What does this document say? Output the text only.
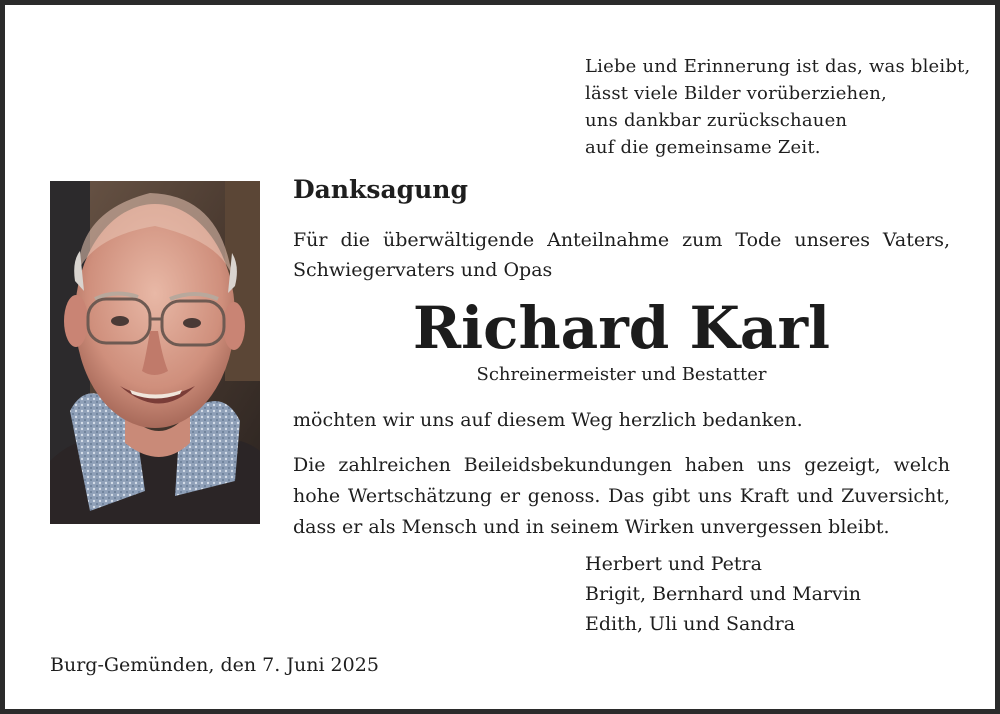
Liebe und Erinnerung ist das, was bleibt,
lässt viele Bilder vorüberziehen,
uns dankbar zurückschauen
auf die gemeinsame Zeit.
Danksagung
Für die überwältigende Anteilnahme zum Tode unseres Vaters,
Schwiegervaters und Opas
Richard Karl
Schreinermeister und Bestatter
möchten wir uns auf diesem Weg herzlich bedanken.
Die zahlreichen Beileidsbekundungen haben uns gezeigt, welch
hohe Wertschätzung er genoss. Das gibt uns Kraft und Zuversicht,
dass er als Mensch und in seinem Wirken unvergessen bleibt.
Herbert und Petra
Brigit, Bernhard und Marvin
Edith, Uli und Sandra
Burg-Gemünden, den 7. Juni 2025
